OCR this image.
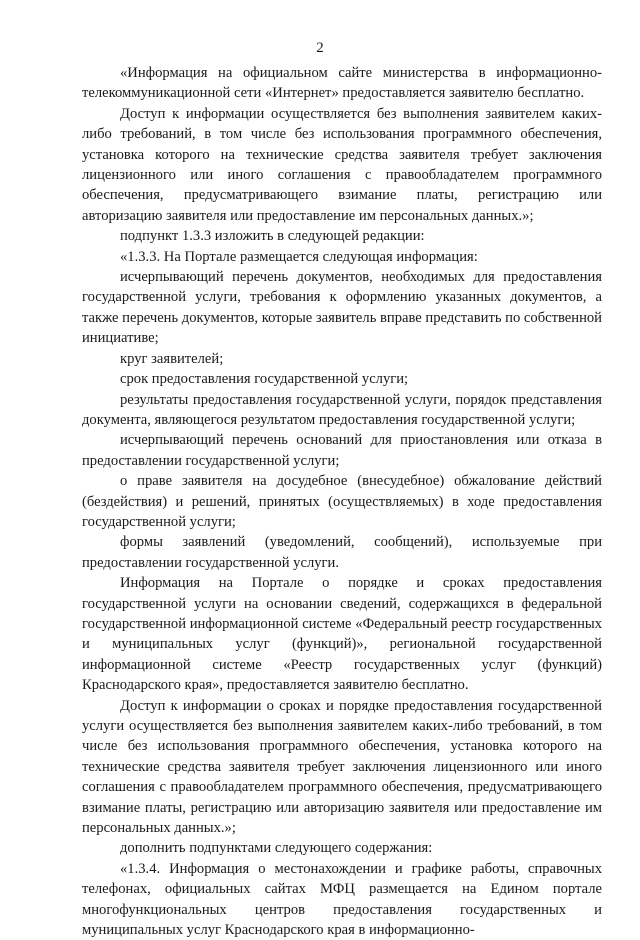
2

«Информация на официальном сайте министерства в информационно-телекоммуникационной сети «Интернет» предоставляется заявителю бесплатно.

Доступ к информации осуществляется без выполнения заявителем каких-либо требований, в том числе без использования программного обеспечения, установка которого на технические средства заявителя требует заключения лицензионного или иного соглашения с правообладателем программного обеспечения, предусматривающего взимание платы, регистрацию или авторизацию заявителя или предоставление им персональных данных.»;

подпункт 1.3.3 изложить в следующей редакции:

«1.3.3. На Портале размещается следующая информация:

исчерпывающий перечень документов, необходимых для предоставления государственной услуги, требования к оформлению указанных документов, а также перечень документов, которые заявитель вправе представить по собственной инициативе;

круг заявителей;

срок предоставления государственной услуги;

результаты предоставления государственной услуги, порядок представления документа, являющегося результатом предоставления государственной услуги;

исчерпывающий перечень оснований для приостановления или отказа в предоставлении государственной услуги;

о праве заявителя на досудебное (внесудебное) обжалование действий (бездействия) и решений, принятых (осуществляемых) в ходе предоставления государственной услуги;

формы заявлений (уведомлений, сообщений), используемые при предоставлении государственной услуги.

Информация на Портале о порядке и сроках предоставления государственной услуги на основании сведений, содержащихся в федеральной государственной информационной системе «Федеральный реестр государственных и муниципальных услуг (функций)», региональной государственной информационной системе «Реестр государственных услуг (функций) Краснодарского края», предоставляется заявителю бесплатно.

Доступ к информации о сроках и порядке предоставления государственной услуги осуществляется без выполнения заявителем каких-либо требований, в том числе без использования программного обеспечения, установка которого на технические средства заявителя требует заключения лицензионного или иного соглашения с правообладателем программного обеспечения, предусматривающего взимание платы, регистрацию или авторизацию заявителя или предоставление им персональных данных.»;

дополнить подпунктами следующего содержания:

«1.3.4. Информация о местонахождении и графике работы, справочных телефонах, официальных сайтах МФЦ размещается на Едином портале многофункциональных центров предоставления государственных и муниципальных услуг Краснодарского края в информационно-
